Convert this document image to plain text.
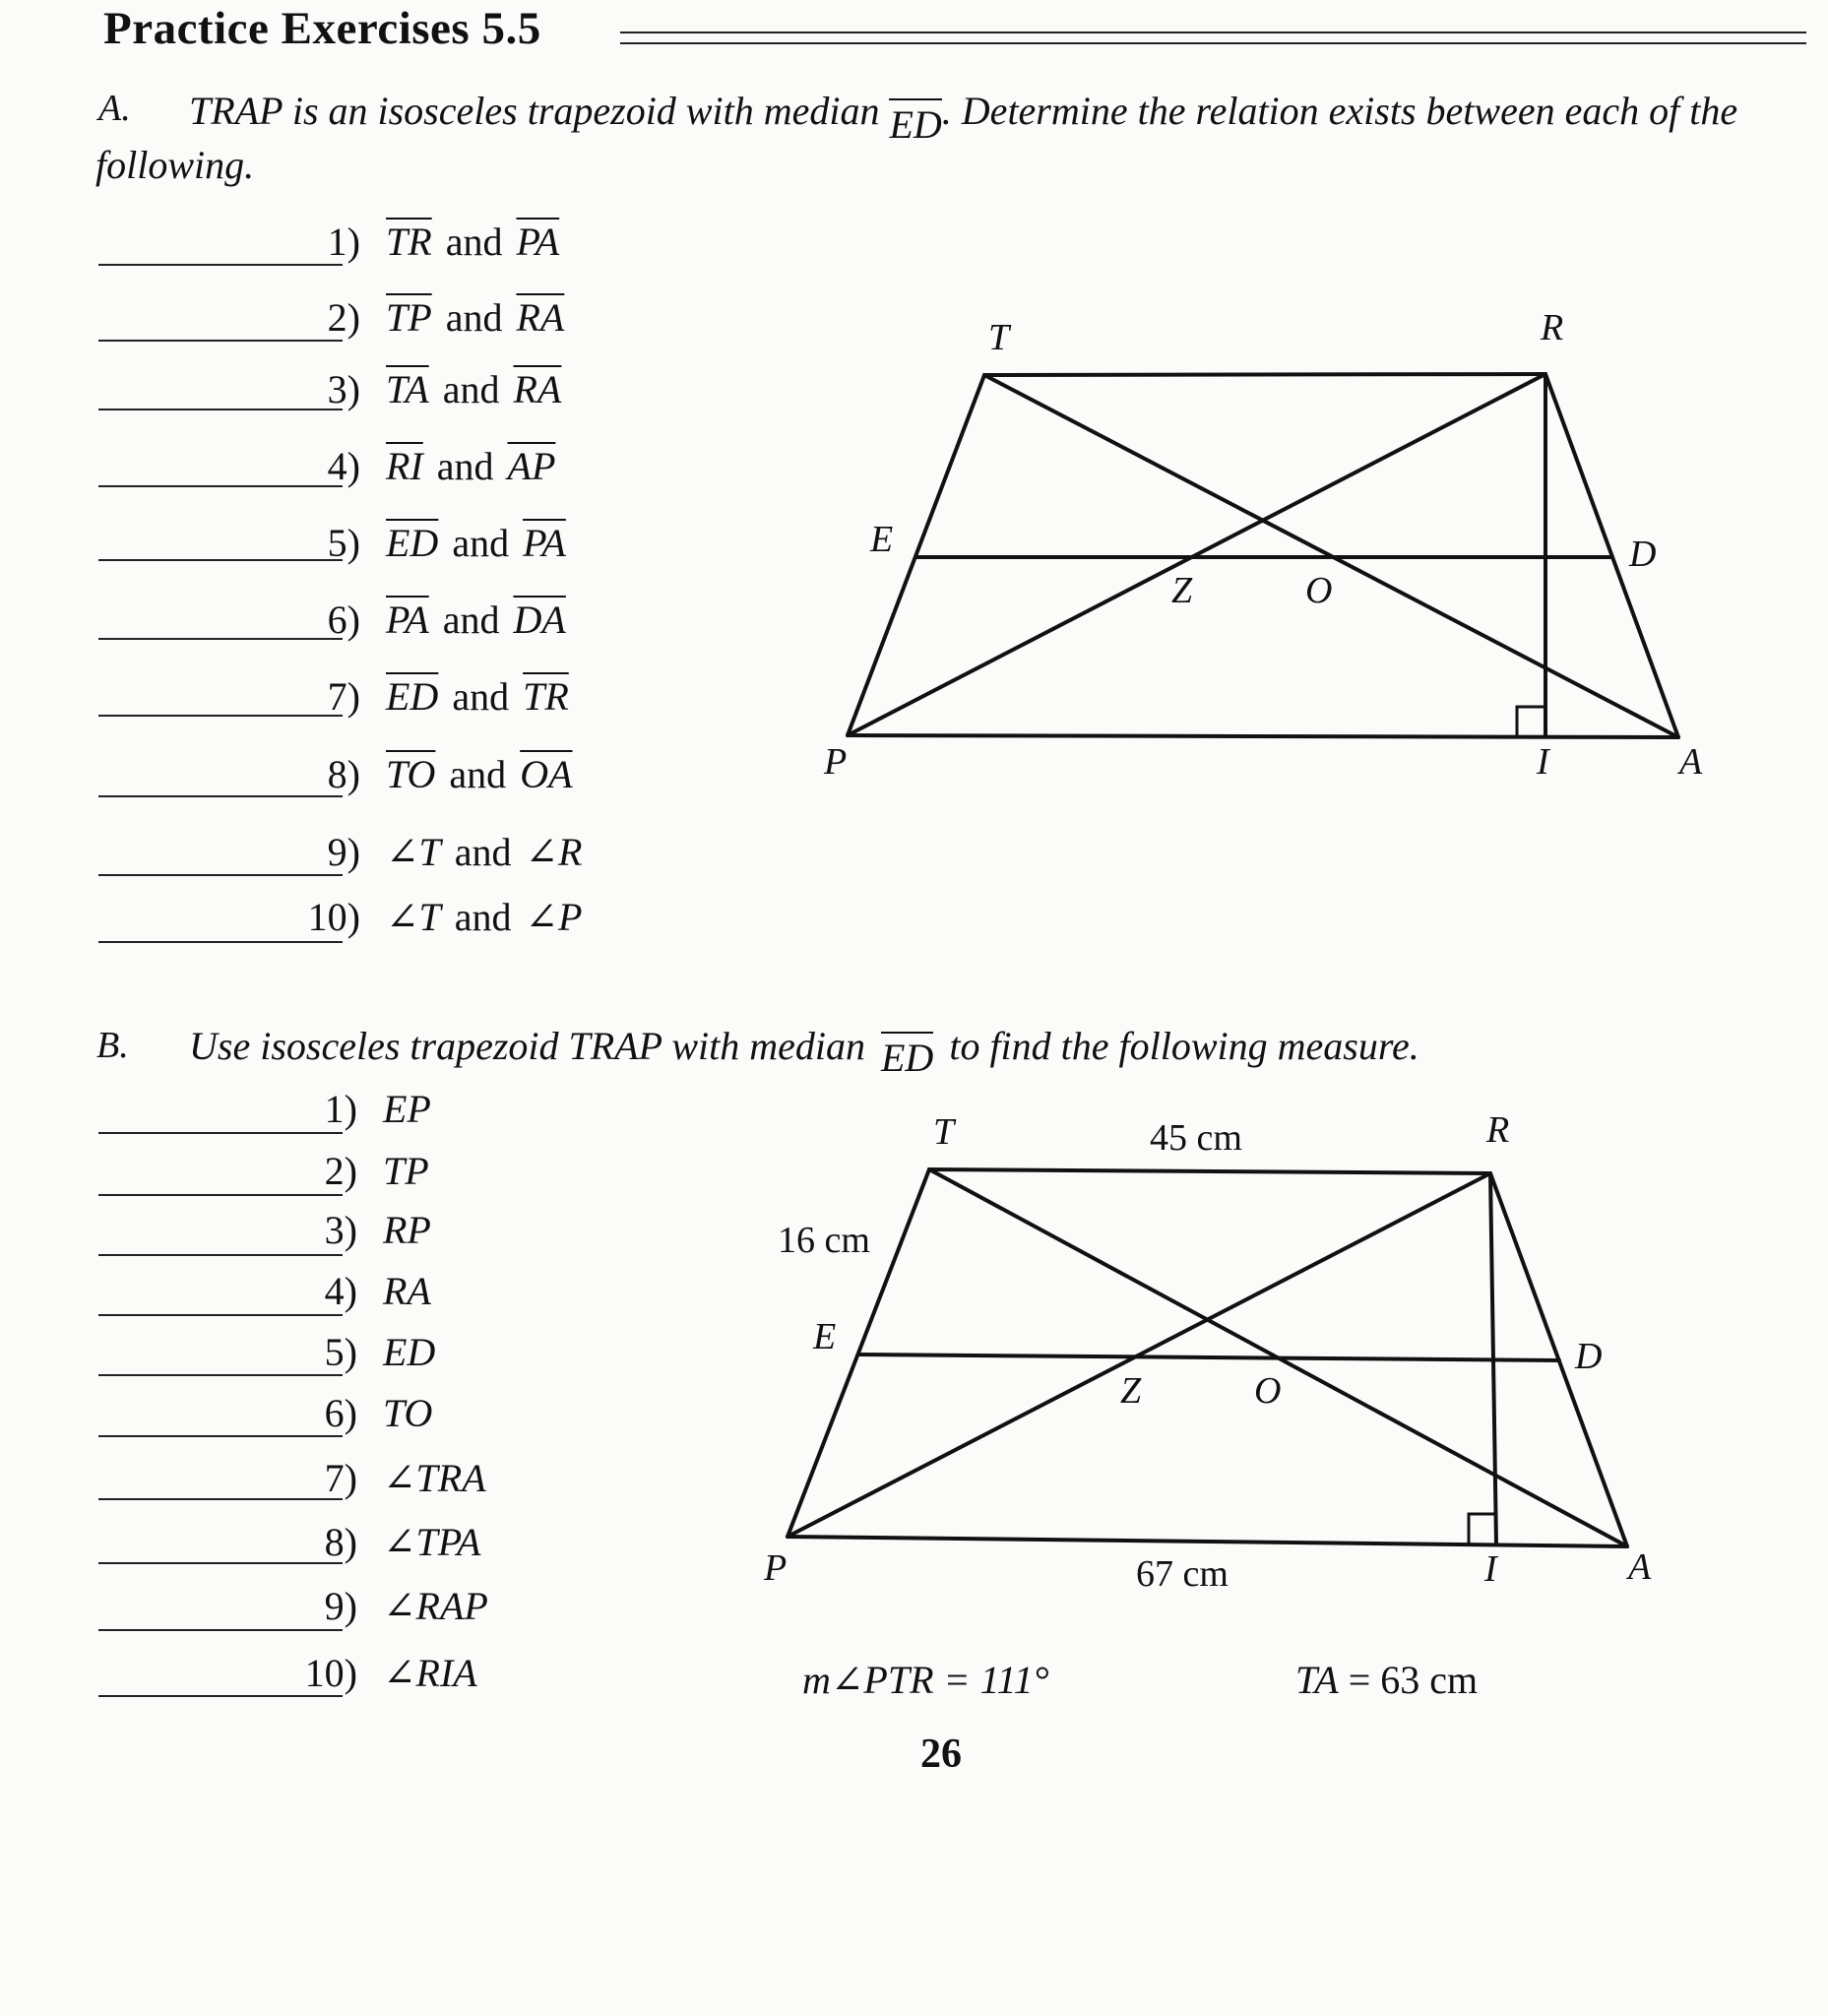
Practice Exercises 5.5
A. TRAP is an isosceles trapezoid with median ED. Determine the relation exists between each of the
following.
1) $\overline{TR}$ and $\overline{PA}$
2) $\overline{TP}$ and $\overline{RA}$
3) $\overline{TA}$ and $\overline{RA}$
4) $\overline{RI}$ and $\overline{AP}$
5) $\overline{ED}$ and $\overline{PA}$
6) $\overline{PA}$ and $\overline{DA}$
7) $\overline{ED}$ and $\overline{TR}$
8) $\overline{TO}$ and $\overline{OA}$
9) ∠T and ∠R
10) ∠T and ∠P
B. Use isosceles trapezoid TRAP with median ED to find the following measure.
1) EP
2) TP
3) RP
4) RA
5) ED
6) TO
7) ∠TRA
8) ∠TPA
9) ∠RAP
10) ∠RIA
T	R
E	D
Z	O
P	I	A
T	R
E	D
Z	O
P	I	A
45 cm
16 cm
67 cm
m∠PTR = 111°	TA = 63 cm
26
